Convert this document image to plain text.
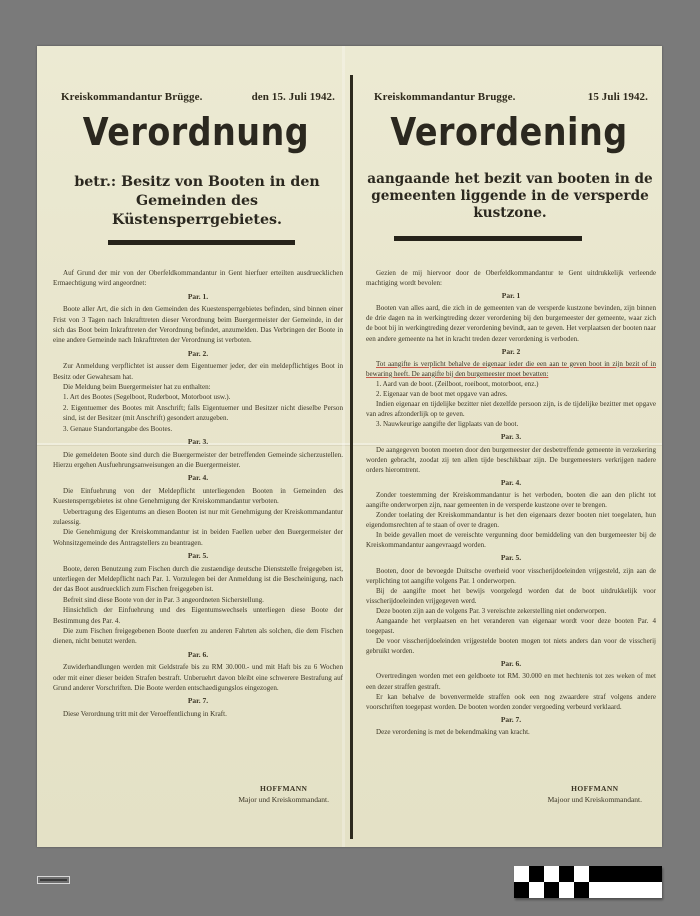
Kreiskommandantur Brügge.	den 15. Juli 1942.
Verordnung
betr.: Besitz von Booten in den Gemeinden des Küstensperrgebietes.

Auf Grund der mir von der Oberfeldkommandantur in Gent hierfuer erteilten ausdruecklichen Ermaechtigung wird angeordnet:

Par. 1.

Boote aller Art, die sich in den Gemeinden des Kuestensperrgebietes befinden, sind binnen einer Frist von 3 Tagen nach Inkrafttreten dieser Verordnung beim Buergermeister der Gemeinde, in der sich das Boot beim Inkrafttreten der Verordnung befindet, anzumelden. Das Verbringen der Boote in eine andere Gemeinde nach Inkrafttreten der Verordnung ist verboten.

Par. 2.

Zur Anmeldung verpflichtet ist ausser dem Eigentuemer jeder, der ein meldepflichtiges Boot in Besitz oder Gewahrsam hat.

Die Meldung beim Buergermeister hat zu enthalten:

1. Art des Bootes (Segelboot, Ruderboot, Motorboot usw.).

2. Eigentuemer des Bootes mit Anschrift; falls Eigentuemer und Besitzer nicht dieselbe Person sind, ist der Besitzer (mit Anschrift) gesondert anzugeben.

3. Genaue Standortangabe des Bootes.

Par. 3.

Die gemeldeten Boote sind durch die Buergermeister der betreffenden Gemeinde sicherzustellen. Hierzu ergehen Ausfuehrungsanweisungen an die Buergermeister.

Par. 4.

Die Einfuehrung von der Meldepflicht unterliegenden Booten in Gemeinden des Kuestensperrgebietes ist ohne Genehmigung der Kreiskommandantur verboten.

Uebertragung des Eigentums an diesen Booten ist nur mit Genehmigung der Kreiskommandantur zulaessig.

Die Genehmigung der Kreiskommandantur ist in beiden Faellen ueber den Buergermeister der Wohnsitzgemeinde des Antragstellers zu beantragen.

Par. 5.

Boote, deren Benutzung zum Fischen durch die zustaendige deutsche Dienststelle freigegeben ist, unterliegen der Meldepflicht nach Par. 1. Vorzulegen bei der Anmeldung ist die Bescheinigung, nach der das Boot ausdruecklich zum Fischen freigegeben ist.

Befreit sind diese Boote von der in Par. 3 angeordneten Sicherstellung.

Hinsichtlich der Einfuehrung und des Eigentumswechsels unterliegen diese Boote der Bestimmung des Par. 4.

Die zum Fischen freigegebenen Boote duerfen zu anderen Fahrten als solchen, die dem Fischen dienen, nicht benutzt werden.

Par. 6.

Zuwiderhandlungen werden mit Geldstrafe bis zu RM 30.000.- und mit Haft bis zu 6 Wochen oder mit einer dieser beiden Strafen bestraft. Unberuehrt davon bleibt eine schwerere Bestrafung auf Grund anderer Vorschriften. Die Boote werden entschaedigungslos eingezogen.

Par. 7.

Diese Verordnung tritt mit der Veroeffentlichung in Kraft.

HOFFMANN
Major und Kreiskommandant.
Kreiskommandantur Brugge.	15 Juli 1942.
Verordening
aangaande het bezit van booten in de gemeenten liggende in de versperde kustzone.

Gezien de mij hiervoor door de Oberfeldkommandantur te Gent uitdrukkelijk verleende machtiging wordt bevolen:

Par. 1

Booten van alles aard, die zich in de gemeenten van de versperde kustzone bevinden, zijn binnen de drie dagen na in werkingtreding dezer verordening bij den burgemeester der gemeente, waar zich de boot bij in werkingtreding dezer verordening bevindt, aan te geven. Het verplaatsen der booten naar een andere gemeente na het in kracht treden dezer verordening is verboden.

Par. 2

Tot aangifte is verplicht behalve de eigenaar ieder die een aan te geven boot in zijn bezit of in bewaring heeft. De aangifte bij den burgemeester moet bevatten:

1. Aard van de boot. (Zeilboot, roeiboot, motorboot, enz.)

2. Eigenaar van de boot met opgave van adres.

Indien eigenaar en tijdelijke bezitter niet dezelfde persoon zijn, is de tijdelijke bezitter met opgave van adres afzonderlijk op te geven.

3. Nauwkeurige aangifte der ligplaats van de boot.

Par. 3.

De aangegeven booten moeten door den burgemeester der desbetreffende gemeente in verzekering worden gebracht, zoodat zij ten allen tijde beschikbaar zijn. De burgemeesters verkrijgen nadere orders hieromtrent.

Par. 4.

Zonder toestemming der Kreiskommandantur is het verboden, booten die aan den plicht tot aangifte onderworpen zijn, naar gemeenten in de versperde kustzone over te brengen.

Zonder toelating der Kreiskommandantur is het den eigenaars dezer booten niet toegelaten, hun eigendomsrechten af te staan of over te dragen.

In beide gevallen moet de vereischte vergunning door bemiddeling van den burgemeester bij de Kreiskommandantur aangevraagd worden.

Par. 5.

Booten, door de bevoegde Duitsche overheid voor visscherijdoeleinden vrijgesteld, zijn aan de verplichting tot aangifte volgens Par. 1 onderworpen.

Bij de aangifte moet het bewijs voorgelegd worden dat de boot uitdrukkelijk voor visscherijdoeleinden vrijgegeven werd.

Deze booten zijn aan de volgens Par. 3 vereischte zekerstelling niet onderworpen.

Aangaande het verplaatsen en het veranderen van eigenaar wordt voor deze booten Par. 4 toegepast.

De voor visscherijdoeleinden vrijgestelde booten mogen tot niets anders dan voor de visscherij gebruikt worden.

Par. 6.

Overtredingen worden met een geldboete tot RM. 30.000 en met hechtenis tot zes weken of met een dezer straffen gestraft.

Er kan behalve de bovenvermelde straffen ook een nog zwaardere straf volgens andere voorschriften toegepast worden. De booten worden zonder vergoeding verbeurd verklaard.

Par. 7.

Deze verordening is met de bekendmaking van kracht.

HOFFMANN
Majoor und Kreiskommandant.
